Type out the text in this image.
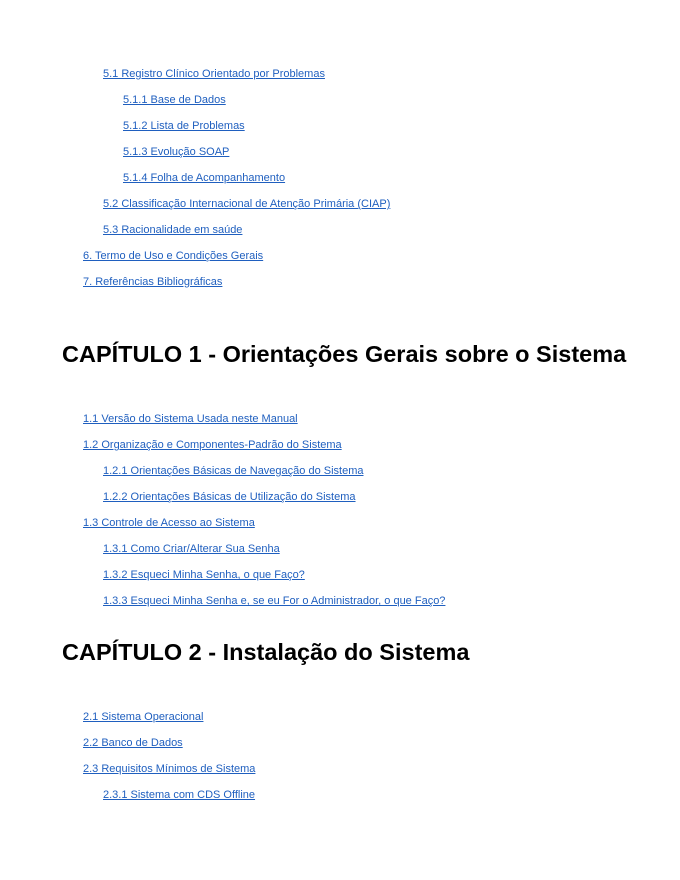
5.1 Registro Clínico Orientado por Problemas
5.1.1 Base de Dados
5.1.2 Lista de Problemas
5.1.3 Evolução SOAP
5.1.4 Folha de Acompanhamento
5.2 Classificação Internacional de Atenção Primária (CIAP)
5.3 Racionalidade em saúde
6. Termo de Uso e Condições Gerais
7. Referências Bibliográficas
CAPÍTULO 1 - Orientações Gerais sobre o Sistema
1.1 Versão do Sistema Usada neste Manual
1.2 Organização e Componentes-Padrão do Sistema
1.2.1 Orientações Básicas de Navegação do Sistema
1.2.2 Orientações Básicas de Utilização do Sistema
1.3 Controle de Acesso ao Sistema
1.3.1 Como Criar/Alterar Sua Senha
1.3.2 Esqueci Minha Senha, o que Faço?
1.3.3 Esqueci Minha Senha e, se eu For o Administrador, o que Faço?
CAPÍTULO 2 - Instalação do Sistema
2.1 Sistema Operacional
2.2 Banco de Dados
2.3 Requisitos Mínimos de Sistema
2.3.1 Sistema com CDS Offline
